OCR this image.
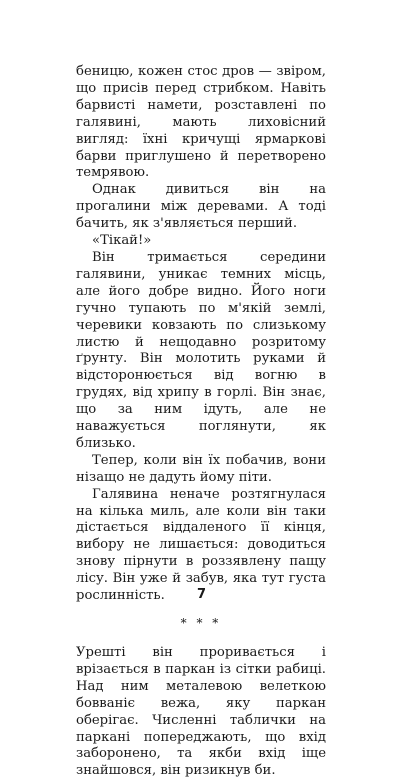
беницю, кожен стос дров — звіром, що присів перед стрибком. Навіть барвисті намети, розставлені по галявині, мають лиховісний вигляд: їхні кричущі ярмаркові барви приглушено й перетворено темрявою.

Однак дивиться він на прогалини між деревами. А тоді бачить, як з'являється перший.

«Тікай!»

Він тримається середини галявини, уникає темних місць, але його добре видно. Його ноги гучно тупають по м'якій землі, черевики ковзають по слизькому листю й нещодавно розритому ґрунту. Він молотить руками й відсторонюється від вогню в грудях, від хрипу в горлі. Він знає, що за ним ідуть, але не наважується поглянути, як близько.

Тепер, коли він їх побачив, вони нізащо не дадуть йому піти.

Галявина неначе розтягнулася на кілька миль, але коли він таки дістається віддаленого її кінця, вибору не лишається: доводиться знову пірнути в роззявлену пащу лісу. Він уже й забув, яка тут густа рослинність.

* * *

Урешті він проривається і врізається в паркан із сітки рабиці. Над ним металевою велеткою бовваніє вежа, яку паркан оберігає. Численні таблички на паркані попереджають, що вхід заборонено, та якби вхід іще знайшовся, він ризикнув би.

7
